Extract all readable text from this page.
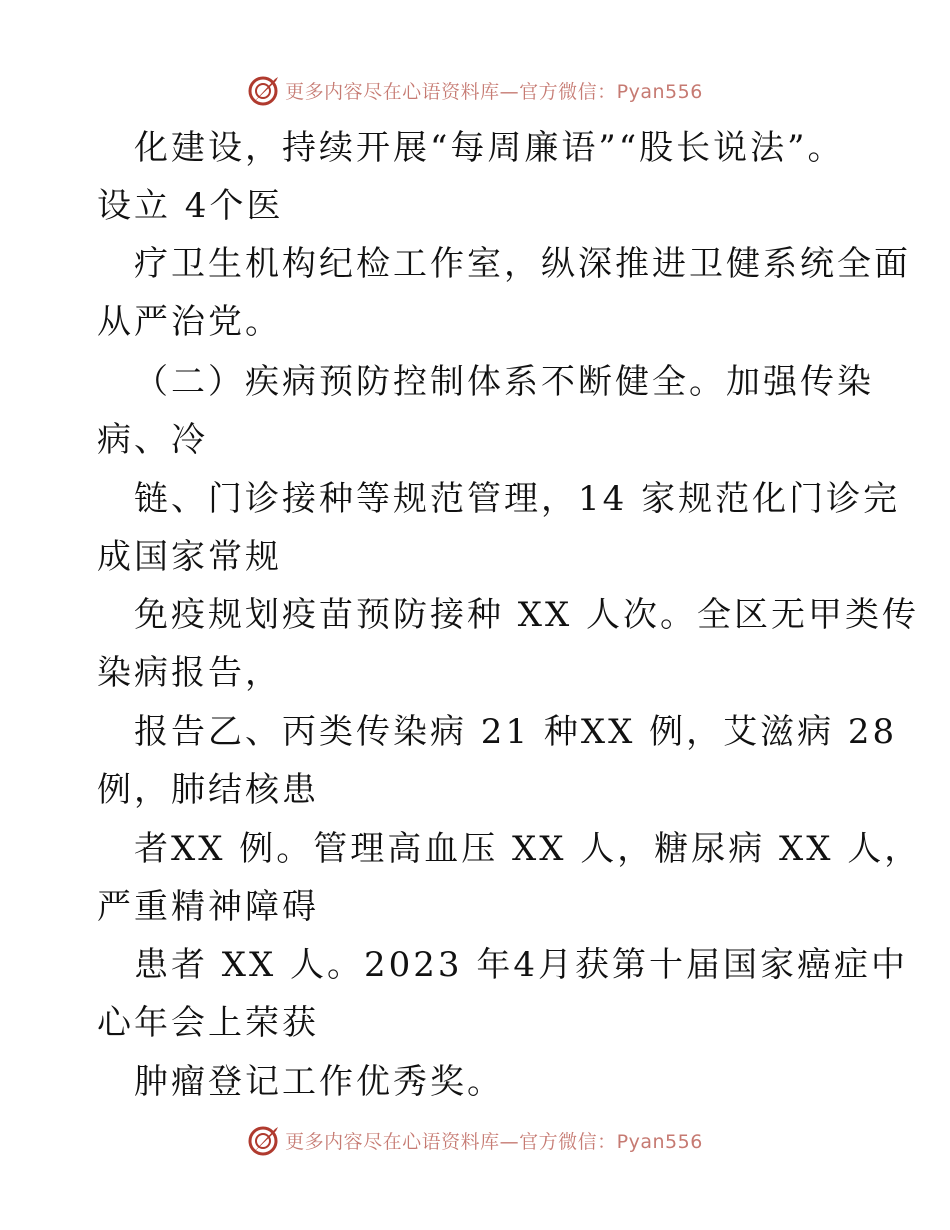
更多内容尽在心语资料库—官方微信：Pyan556
化建设，持续开展“每周廉语”“股长说法”。
设立 4个医
疗卫生机构纪检工作室，纵深推进卫健系统全面
从严治党。
（二）疾病预防控制体系不断健全。加强传染
病、冷
链、门诊接种等规范管理，14 家规范化门诊完
成国家常规
免疫规划疫苗预防接种 XX 人次。全区无甲类传
染病报告，
报告乙、丙类传染病 21 种XX 例，艾滋病 28
例，肺结核患
者XX 例。管理高血压 XX 人，糖尿病 XX 人，
严重精神障碍
患者 XX 人。2023 年4月获第十届国家癌症中
心年会上荣获
肿瘤登记工作优秀奖。
更多内容尽在心语资料库—官方微信：Pyan556
